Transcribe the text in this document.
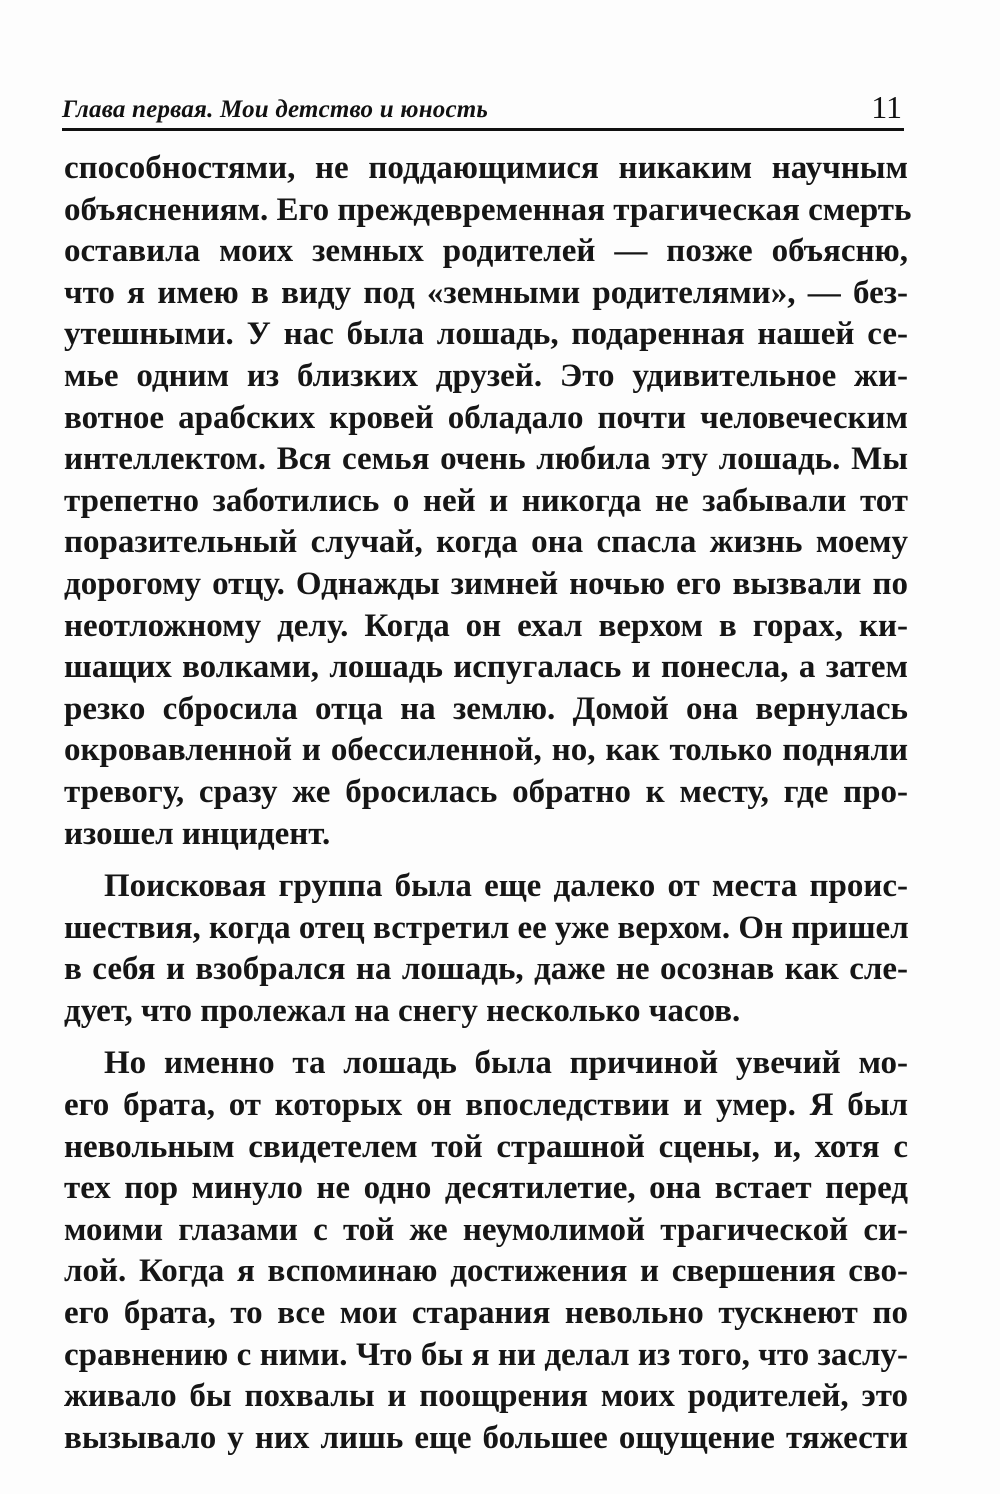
Глава первая. Мои детство и юность	11
способностями, не поддающимися никаким научным
объяснениям. Его преждевременная трагическая смерть
оставила моих земных родителей — позже объясню,
что я имею в виду под «земными родителями», — без-
утешными. У нас была лошадь, подаренная нашей се-
мье одним из близких друзей. Это удивительное жи-
вотное арабских кровей обладало почти человеческим
интеллектом. Вся семья очень любила эту лошадь. Мы
трепетно заботились о ней и никогда не забывали тот
поразительный случай, когда она спасла жизнь моему
дорогому отцу. Однажды зимней ночью его вызвали по
неотложному делу. Когда он ехал верхом в горах, ки-
шащих волками, лошадь испугалась и понесла, а затем
резко сбросила отца на землю. Домой она вернулась
окровавленной и обессиленной, но, как только подняли
тревогу, сразу же бросилась обратно к месту, где про-
изошел инцидент.
Поисковая группа была еще далеко от места проис-
шествия, когда отец встретил ее уже верхом. Он пришел
в себя и взобрался на лошадь, даже не осознав как сле-
дует, что пролежал на снегу несколько часов.
Но именно та лошадь была причиной увечий мо-
его брата, от которых он впоследствии и умер. Я был
невольным свидетелем той страшной сцены, и, хотя с
тех пор минуло не одно десятилетие, она встает перед
моими глазами с той же неумолимой трагической си-
лой. Когда я вспоминаю достижения и свершения сво-
его брата, то все мои старания невольно тускнеют по
сравнению с ними. Что бы я ни делал из того, что заслу-
живало бы похвалы и поощрения моих родителей, это
вызывало у них лишь еще большее ощущение тяжести
